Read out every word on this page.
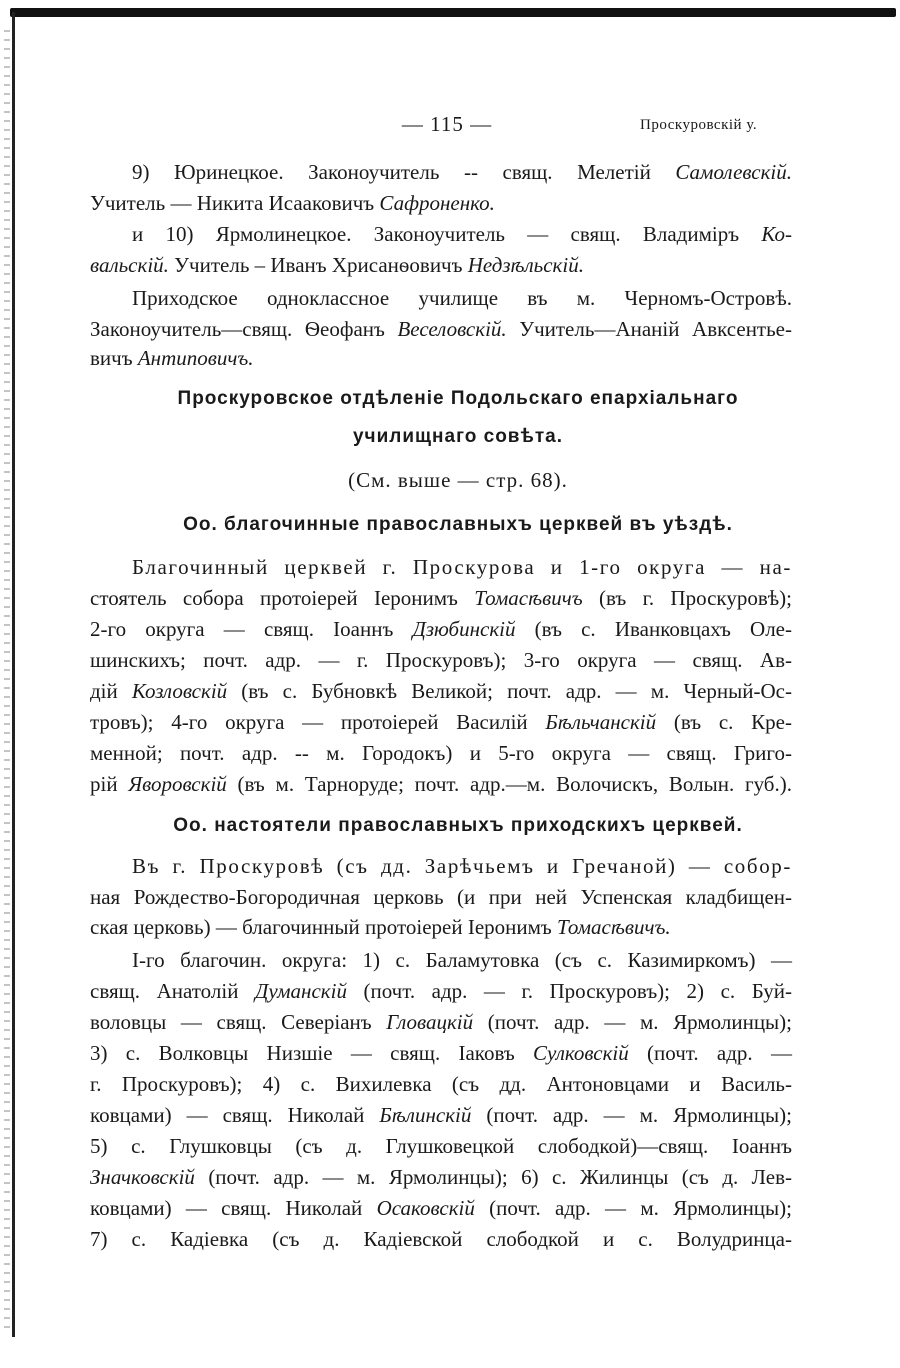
— 115 —	Проскуровскій у.
9) Юринецкое. Законоучитель -- свящ. Мелетій Самолевскій.
Учитель — Никита Исааковичъ Сафроненко.
и 10) Ярмолинецкое. Законоучитель — свящ. Владиміръ Ко-
вальскій. Учитель – Иванъ Хрисанѳовичъ Недзѣльскій.
Приходское одноклассное училище въ м. Черномъ-Островѣ.
Законоучитель—свящ. Ѳеофанъ Веселовскій. Учитель—Ананій Авксентье-
вичъ Антиповичъ.
Проскуровское отдѣленіе Подольскаго епархіальнаго
училищнаго совѣта.
(См. выше — стр. 68).
Оо. благочинные православныхъ церквей въ уѣздѣ.
Благочинный церквей г. Проскурова и 1-го округа — на-
стоятель собора протоіерей Іеронимъ Томасѣвичъ (въ г. Проскуровѣ);
2-го округа — свящ. Іоаннъ Дзюбинскій (въ с. Иванковцахъ Оле-
шинскихъ; почт. адр. — г. Проскуровъ); 3-го округа — свящ. Ав-
дій Козловскій (въ с. Бубновкѣ Великой; почт. адр. — м. Черный-Ос-
тровъ); 4-го округа — протоіерей Василій Бѣльчанскій (въ с. Кре-
менной; почт. адр. -- м. Городокъ) и 5-го округа — свящ. Григо-
рій Яворовскій (въ м. Тарноруде; почт. адр.—м. Волочискъ, Волын. губ.).
Оо. настоятели православныхъ приходскихъ церквей.
Въ г. Проскуровѣ (съ дд. Зарѣчьемъ и Гречаной) — собор-
ная Рождество-Богородичная церковь (и при ней Успенская кладбищен-
ская церковь) — благочинный протоіерей Іеронимъ Томасѣвичъ.
І-го благочин. округа: 1) с. Баламутовка (съ с. Казимиркомъ) —
свящ. Анатолій Думанскій (почт. адр. — г. Проскуровъ); 2) с. Буй-
воловцы — свящ. Северіанъ Гловацкій (почт. адр. — м. Ярмолинцы);
3) с. Волковцы Низшіе — свящ. Іаковъ Сулковскій (почт. адр. —
г. Проскуровъ); 4) с. Вихилевка (съ дд. Антоновцами и Василь-
ковцами) — свящ. Николай Бѣлинскій (почт. адр. — м. Ярмолинцы);
5) с. Глушковцы (съ д. Глушковецкой слободкой)—свящ. Іоаннъ
Значковскій (почт. адр. — м. Ярмолинцы); 6) с. Жилинцы (съ д. Лев-
ковцами) — свящ. Николай Осаковскій (почт. адр. — м. Ярмолинцы);
7) с. Кадіевка (съ д. Кадіевской слободкой и с. Волудринца-
